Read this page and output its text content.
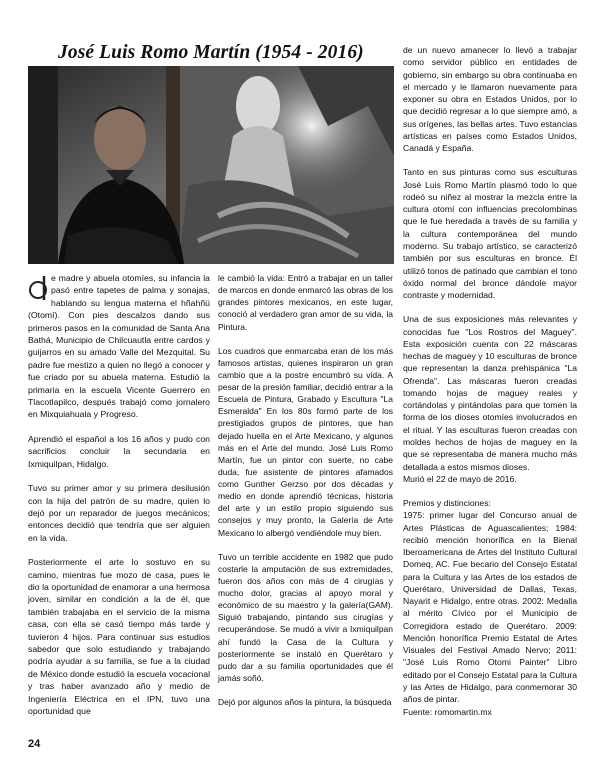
José Luis Romo Martín (1954 - 2016)

e madre y abuela otomíes, su infancia la pasó entre tapetes de palma y sonajas, hablando su lengua materna el hñahñü (Otomí). Con pies descalzos dando sus primeros pasos en la comunidad de Santa Ana Bathá, Municipio de Chilcuautla entre cardos y guijarros en su amado Valle del Mezquital. Su padre fue mestizo a quien no llegó a conocer y fue criado por su abuela materna. Estudió la primaria en la escuela Vicente Guerrero en Tlacotlapilco, después trabajó como jornalero en Mixquiahuala y Progreso.

Aprendió el español a los 16 años y pudo con sacrificios concluir la secundaria en Ixmiquilpan, Hidalgo.

Tuvo su primer amor y su primera desilusión con la hija del patrón de su madre, quien lo dejó por un reparador de juegos mecánicos; entonces decidió que tendría que ser alguien en la vida.

Posteriormente el arte lo sostuvo en su camino, mientras fue mozo de casa, pues le dio la oportunidad de enamorar a una hermosa joven, similar en condición a la de él, que también trabajaba en el servicio de la misma casa, con ella se casó tiempo más tarde y tuvieron 4 hijos. Para continuar sus estudios sabedor que solo estudiando y trabajando podría ayudar a su familia, se fue a la ciudad de México donde estudió la escuela vocacional y tras haber avanzado año y medio de Ingeniería Eléctrica en el IPN, tuvo una oportunidad que

le cambió la vida: Entró a trabajar en un taller de marcos en donde enmarcó las obras de los grandes pintores mexicanos, en este lugar, conoció al verdadero gran amor de su vida, la Pintura.

Los cuadros que enmarcaba eran de los más famosos artistas, quienes inspiraron un gran cambio que a la postre encumbró su vida. A pesar de la presión familiar, decidió entrar a la Escuela de Pintura, Grabado y Escultura "La Esmeralda" En los 80s formó parte de los prestigiados grupos de pintores, que han dejado huella en el Arte Mexicano, y algunos más en el Arte del mundo. José Luis Romo Martín, fue un pintor con suerte, no cabe duda, fue asistente de pintores afamados como Gunther Gerzso por dos décadas y medio en donde aprendió técnicas, historia del arte y un estilo propio siguiendo sus consejos y muy pronto, la Galería de Arte Mexicano lo albergó vendiéndole muy bien.

Tuvo un terrible accidente en 1982 que pudo costarle la amputación de sus extremidades, fueron dos años con más de 4 cirugías y mucho dolor, gracias al apoyo moral y económico de su maestro y la galería(GAM). Siguió trabajando, pintando sus cirugías y recuperándose. Se mudó a vivir a Ixmiquilpan ahí fundó la Casa de la Cultura y posteriormente se instaló en Querétaro y pudo dar a su familia oportunidades que él jamás soñó.

Dejó por algunos años la pintura, la búsqueda

de un nuevo amanecer lo llevó a trabajar como servidor público en entidades de gobierno, sin embargo su obra continuaba en el mercado y le llamaron nuevamente para exponer su obra en Estados Unidos, por lo que decidió regresar a lo que siempre amó, a sus orígenes, las bellas artes. Tuvo estancias artísticas en países como Estados Unidos, Canadá y España.

Tanto en sus pinturas como sus esculturas José Luis Romo Martín plasmó todo lo que rodeó su niñez al mostrar la mezcla entre la cultura otomí con influencias precolombinas que le fue heredada a través de su familia y la cultura contemporánea del mundo moderno. Su trabajo artístico, se caracterizó también por sus esculturas en bronce. Él utilizó tonos de patinado que cambian el tono óxido normal del bronce dándole mayor contraste y modernidad.

Una de sus exposiciones más relevantes y conocidas fue "Los Rostros del Maguey". Esta exposición cuenta con 22 máscaras hechas de maguey y 10 esculturas de bronce que representan la danza prehispánica "La Ofrenda". Las máscaras fueron creadas tomando hojas de maguey reales y cortándolas y pintándolas para que tomen la forma de los dioses otomíes involucrados en el ritual. Y las esculturas fueron creadas con moldes hechos de hojas de maguey en la que se representaba de manera mucho más detallada a estos mismos dioses.

Murió el 22 de mayo de 2016.

Premios y distinciones:

1975: primer lugar del Concurso anual de Artes Plásticas de Aguascalientes; 1984: recibió mención honorífica en la Bienal Iberoamericana de Artes del Instituto Cultural Domeq, AC. Fue becario del Consejo Estatal para la Cultura y las Artes de los estados de Querétaro, Universidad de Dallas, Texas, Nayarit e Hidalgo, entre otras. 2002: Medalla al mérito Cívico por el Municipio de Corregidora estado de Querétaro. 2009: Mención honorífica Premio Estatal de Artes Visuales del Festival Amado Nervo; 2011: "José Luis Romo Otomi Painter" Libro editado por el Consejo Estatal para la Cultura y las Artes de Hidalgo, para conmemorar 30 años de pintar.

Fuente: romomartin.mx

24
